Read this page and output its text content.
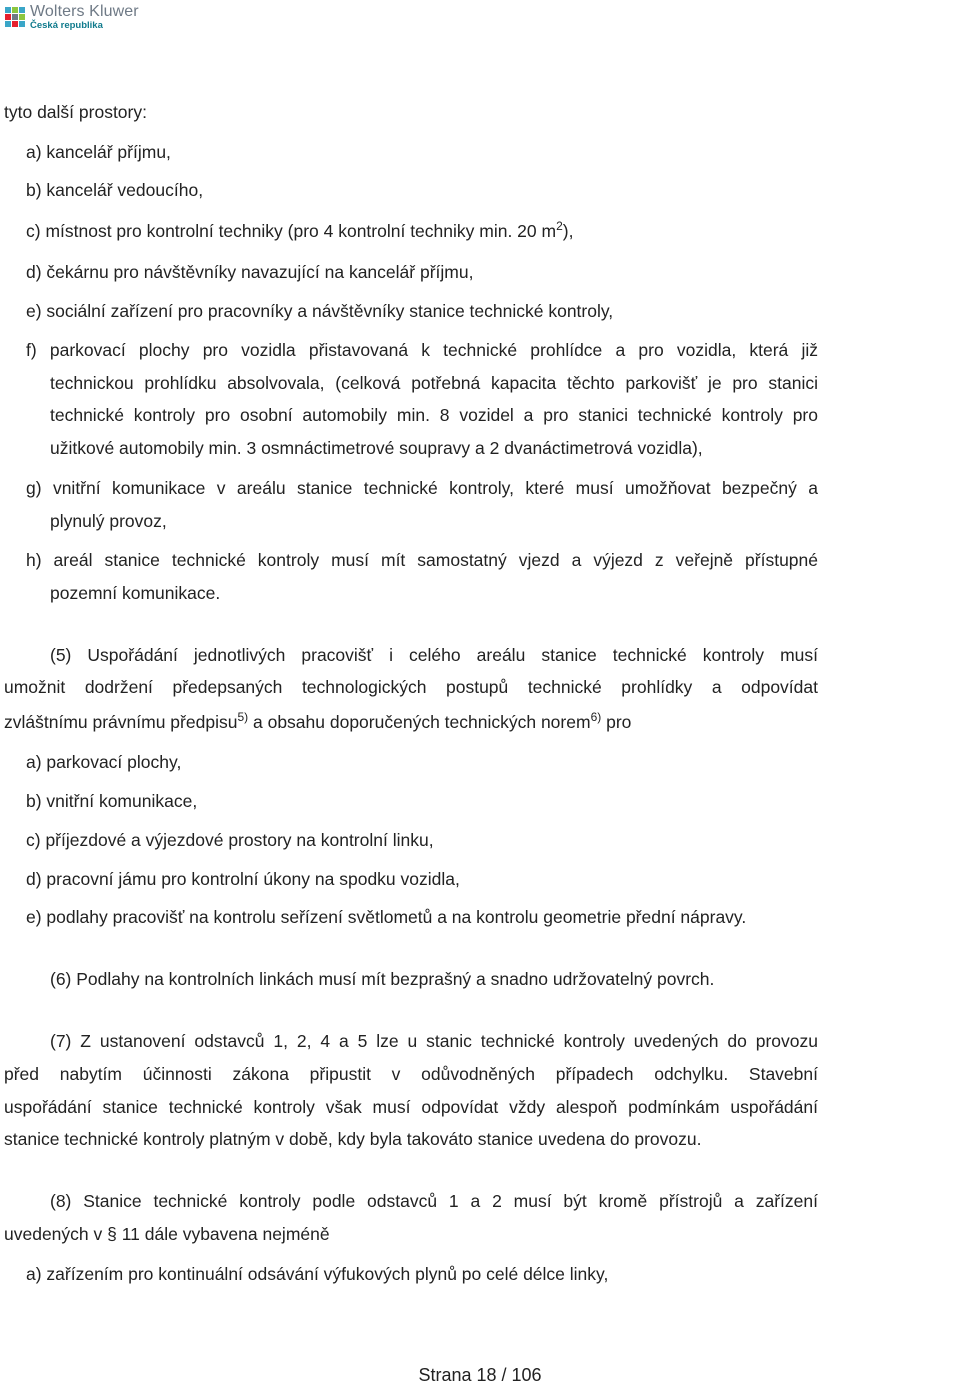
Wolters Kluwer
Česká republika
tyto další prostory:
a) kancelář příjmu,
b) kancelář vedoucího,
c) místnost pro kontrolní techniky (pro 4 kontrolní techniky min. 20 $m^2$),
d) čekárnu pro návštěvníky navazující na kancelář příjmu,
e) sociální zařízení pro pracovníky a návštěvníky stanice technické kontroly,
f) parkovací plochy pro vozidla přistavovaná k technické prohlídce a pro vozidla, která již
technickou prohlídku absolvovala, (celková potřebná kapacita těchto parkovišť je pro stanici
technické kontroly pro osobní automobily min. 8 vozidel a pro stanici technické kontroly pro
užitkové automobily min. 3 osmnáctimetrové soupravy a 2 dvanáctimetrová vozidla),
g) vnitřní komunikace v areálu stanice technické kontroly, které musí umožňovat bezpečný a
plynulý provoz,
h) areál stanice technické kontroly musí mít samostatný vjezd a výjezd z veřejně přístupné
pozemní komunikace.
(5) Uspořádání jednotlivých pracovišť i celého areálu stanice technické kontroly musí
umožnit dodržení předepsaných technologických postupů technické prohlídky a odpovídat
zvláštnímu právnímu předpisu$^{5)}$ a obsahu doporučených technických norem$^{6)}$ pro
a) parkovací plochy,
b) vnitřní komunikace,
c) příjezdové a výjezdové prostory na kontrolní linku,
d) pracovní jámu pro kontrolní úkony na spodku vozidla,
e) podlahy pracovišť na kontrolu seřízení světlometů a na kontrolu geometrie přední nápravy.
(6) Podlahy na kontrolních linkách musí mít bezprašný a snadno udržovatelný povrch.
(7) Z ustanovení odstavců 1, 2, 4 a 5 lze u stanic technické kontroly uvedených do provozu
před nabytím účinnosti zákona připustit v odůvodněných případech odchylku. Stavební
uspořádání stanice technické kontroly však musí odpovídat vždy alespoň podmínkám uspořádání
stanice technické kontroly platným v době, kdy byla takováto stanice uvedena do provozu.
(8) Stanice technické kontroly podle odstavců 1 a 2 musí být kromě přístrojů a zařízení
uvedených v § 11 dále vybavena nejméně
a) zařízením pro kontinuální odsávání výfukových plynů po celé délce linky,
Strana 18 / 106
